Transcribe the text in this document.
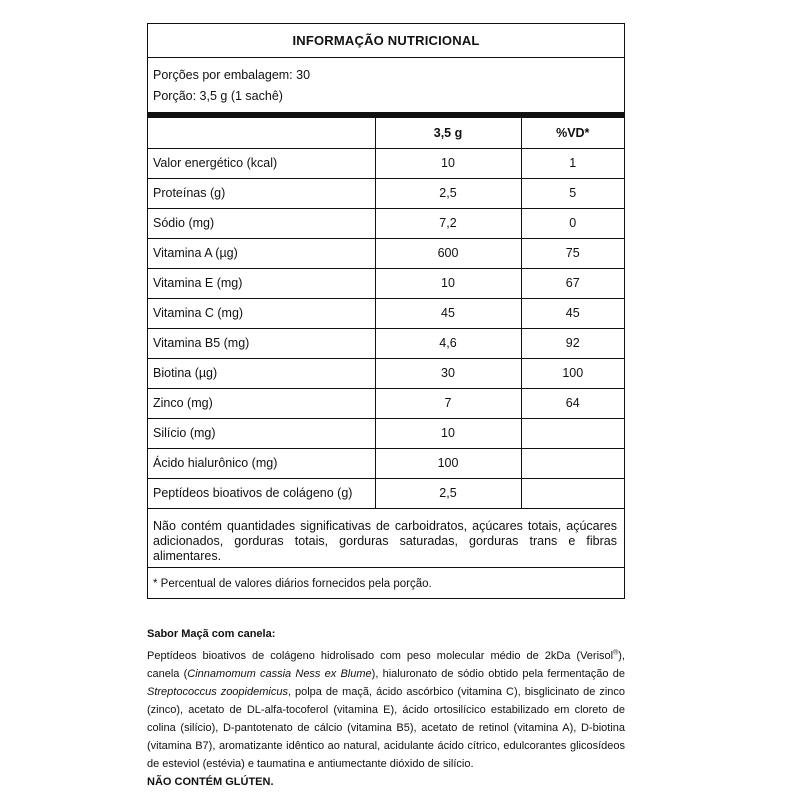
INFORMAÇÃO NUTRICIONAL
Porções por embalagem: 30
Porção: 3,5 g (1 sachê)
	3,5 g	%VD*
Valor energético (kcal)	10	1
Proteínas (g)	2,5	5
Sódio (mg)	7,2	0
Vitamina A (µg)	600	75
Vitamina E (mg)	10	67
Vitamina C (mg)	45	45
Vitamina B5 (mg)	4,6	92
Biotina (µg)	30	100
Zinco (mg)	7	64
Silício (mg)	10	
Ácido hialurônico (mg)	100	
Peptídeos bioativos de colágeno (g)	2,5	
Não contém quantidades significativas de carboidratos, açúcares totais, açúcares adicionados, gorduras totais, gorduras saturadas, gorduras trans e fibras alimentares.
* Percentual de valores diários fornecidos pela porção.
Sabor Maçã com canela:

Peptídeos bioativos de colágeno hidrolisado com peso molecular médio de 2kDa (Verisol®), canela (Cinnamomum cassia Ness ex Blume), hialuronato de sódio obtido pela fermentação de Streptococcus zoopidemicus, polpa de maçã, ácido ascórbico (vitamina C), bisglicinato de zinco (zinco), acetato de DL-alfa-tocoferol (vitamina E), ácido ortosilícico estabilizado em cloreto de colina (silício), D-pantotenato de cálcio (vitamina B5), acetato de retinol (vitamina A), D-biotina (vitamina B7), aromatizante idêntico ao natural, acidulante ácido cítrico, edulcorantes glicosídeos de esteviol (estévia) e taumatina e antiumectante dióxido de silício.

NÃO CONTÉM GLÚTEN.
